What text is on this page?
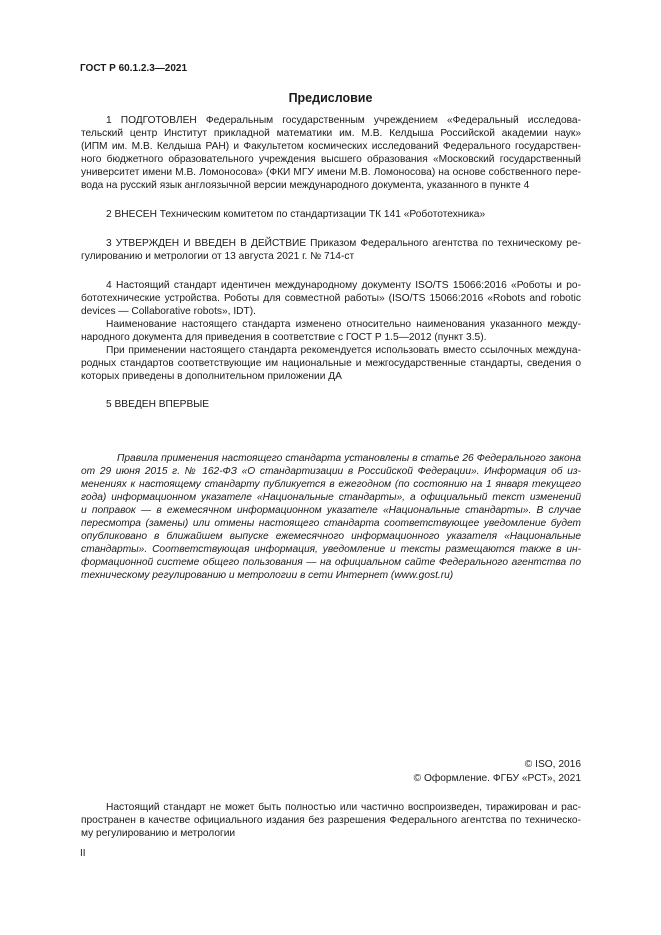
ГОСТ Р 60.1.2.3—2021
Предисловие
1 ПОДГОТОВЛЕН Федеральным государственным учреждением «Федеральный исследова-
тельский центр Институт прикладной математики им. М.В. Келдыша Российской академии наук»
(ИПМ им. М.В. Келдыша РАН) и Факультетом космических исследований Федерального государствен-
ного бюджетного образовательного учреждения высшего образования «Московский государственный
университет имени М.В. Ломоносова» (ФКИ МГУ имени М.В. Ломоносова) на основе собственного пере-
вода на русский язык англоязычной версии международного документа, указанного в пункте 4
2 ВНЕСЕН Техническим комитетом по стандартизации ТК 141 «Робототехника»
3 УТВЕРЖДЕН И ВВЕДЕН В ДЕЙСТВИЕ Приказом Федерального агентства по техническому ре-
гулированию и метрологии от 13 августа 2021 г. № 714-ст
4 Настоящий стандарт идентичен международному документу ISO/TS 15066:2016 «Роботы и ро-
бототехнические устройства. Роботы для совместной работы» (ISO/TS 15066:2016 «Robots and robotic
devices — Collaborative robots», IDT).
Наименование настоящего стандарта изменено относительно наименования указанного между-
народного документа для приведения в соответствие с ГОСТ Р 1.5—2012 (пункт 3.5).
При применении настоящего стандарта рекомендуется использовать вместо ссылочных междуна-
родных стандартов соответствующие им национальные и межгосударственные стандарты, сведения о
которых приведены в дополнительном приложении ДА
5 ВВЕДЕН ВПЕРВЫЕ
Правила применения настоящего стандарта установлены в статье 26 Федерального закона
от 29 июня 2015 г. № 162-ФЗ «О стандартизации в Российской Федерации». Информация об из-
менениях к настоящему стандарту публикуется в ежегодном (по состоянию на 1 января текущего
года) информационном указателе «Национальные стандарты», а официальный текст изменений
и поправок — в ежемесячном информационном указателе «Национальные стандарты». В случае
пересмотра (замены) или отмены настоящего стандарта соответствующее уведомление будет
опубликовано в ближайшем выпуске ежемесячного информационного указателя «Национальные
стандарты». Соответствующая информация, уведомление и тексты размещаются также в ин-
формационной системе общего пользования — на официальном сайте Федерального агентства по
техническому регулированию и метрологии в сети Интернет (www.gost.ru)
© ISO, 2016
© Оформление. ФГБУ «РСТ», 2021
Настоящий стандарт не может быть полностью или частично воспроизведен, тиражирован и рас-
пространен в качестве официального издания без разрешения Федерального агентства по техническо-
му регулированию и метрологии
II
